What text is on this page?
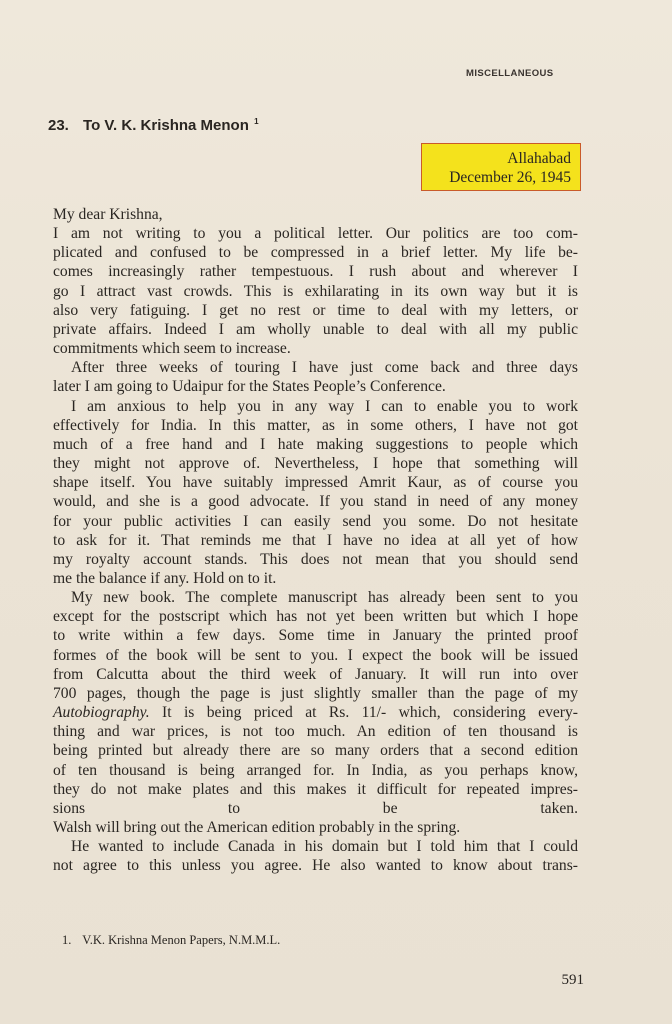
MISCELLANEOUS
23. To V. K. Krishna Menon $^1$
Allahabad
December 26, 1945
My dear Krishna,
I am not writing to you a political letter. Our politics are too com-
plicated and confused to be compressed in a brief letter. My life be-
comes increasingly rather tempestuous. I rush about and wherever I
go I attract vast crowds. This is exhilarating in its own way but it is
also very fatiguing. I get no rest or time to deal with my letters, or
private affairs. Indeed I am wholly unable to deal with all my public
commitments which seem to increase.
After three weeks of touring I have just come back and three days
later I am going to Udaipur for the States People’s Conference.
I am anxious to help you in any way I can to enable you to work
effectively for India. In this matter, as in some others, I have not got
much of a free hand and I hate making suggestions to people which
they might not approve of. Nevertheless, I hope that something will
shape itself. You have suitably impressed Amrit Kaur, as of course you
would, and she is a good advocate. If you stand in need of any money
for your public activities I can easily send you some. Do not hesitate
to ask for it. That reminds me that I have no idea at all yet of how
my royalty account stands. This does not mean that you should send
me the balance if any. Hold on to it.
My new book. The complete manuscript has already been sent to you
except for the postscript which has not yet been written but which I hope
to write within a few days. Some time in January the printed proof
formes of the book will be sent to you. I expect the book will be issued
from Calcutta about the third week of January. It will run into over
700 pages, though the page is just slightly smaller than the page of my
Autobiography. It is being priced at Rs. 11/- which, considering every-
thing and war prices, is not too much. An edition of ten thousand is
being printed but already there are so many orders that a second edition
of ten thousand is being arranged for. In India, as you perhaps know,
they do not make plates and this makes it difficult for repeated impres-
sions to be taken.
Walsh will bring out the American edition probably in the spring.
He wanted to include Canada in his domain but I told him that I could
not agree to this unless you agree. He also wanted to know about trans-
1. V.K. Krishna Menon Papers, N.M.M.L.
591
